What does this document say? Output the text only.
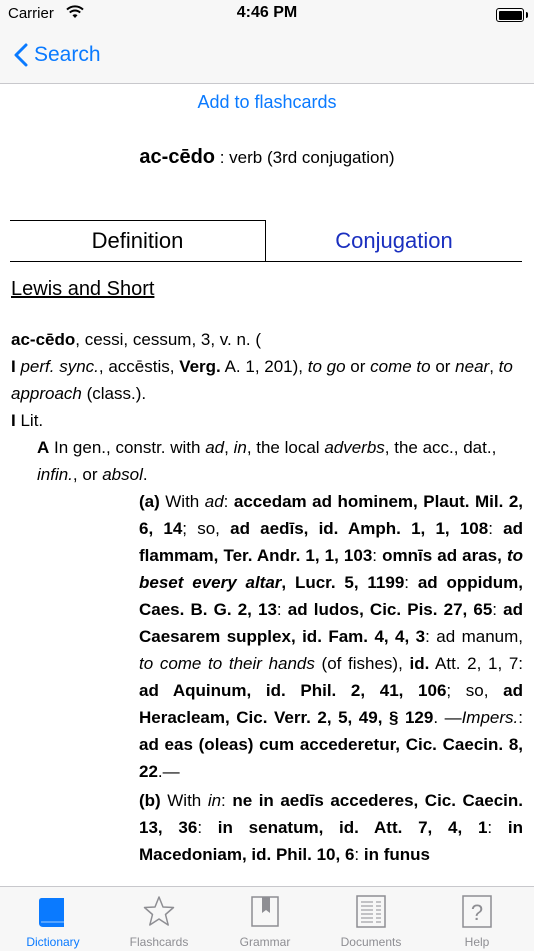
Carrier	4:46 PM
Search
Add to flashcards
ac-cēdo : verb (3rd conjugation)
Definition	Conjugation
Lewis and Short

ac-cēdo, cessi, cessum, 3, v. n. (

I perf. sync., accēstis, Verg. A. 1, 201), to go or come to or near, to approach (class.).

I Lit.

A In gen., constr. with ad, in, the local adverbs, the acc., dat., infin., or absol.

(a) With ad: accedam ad hominem, Plaut. Mil. 2, 6, 14; so, ad aedīs, id. Amph. 1, 1, 108: ad flammam, Ter. Andr. 1, 1, 103: omnīs ad aras, to beset every altar, Lucr. 5, 1199: ad oppidum, Caes. B. G. 2, 13: ad ludos, Cic. Pis. 27, 65: ad Caesarem supplex, id. Fam. 4, 4, 3: ad manum, to come to their hands (of fishes), id. Att. 2, 1, 7: ad Aquinum, id. Phil. 2, 41, 106; so, ad Heracleam, Cic. Verr. 2, 5, 49, § 129. —Impers.: ad eas (oleas) cum accederetur, Cic. Caecin. 8, 22.—

(b) With in: ne in aedīs accederes, Cic. Caecin. 13, 36: in senatum, id. Att. 7, 4, 1: in Macedoniam, id. Phil. 10, 6: in funus

Dictionary	Flashcards	Grammar	Documents
?
Help
